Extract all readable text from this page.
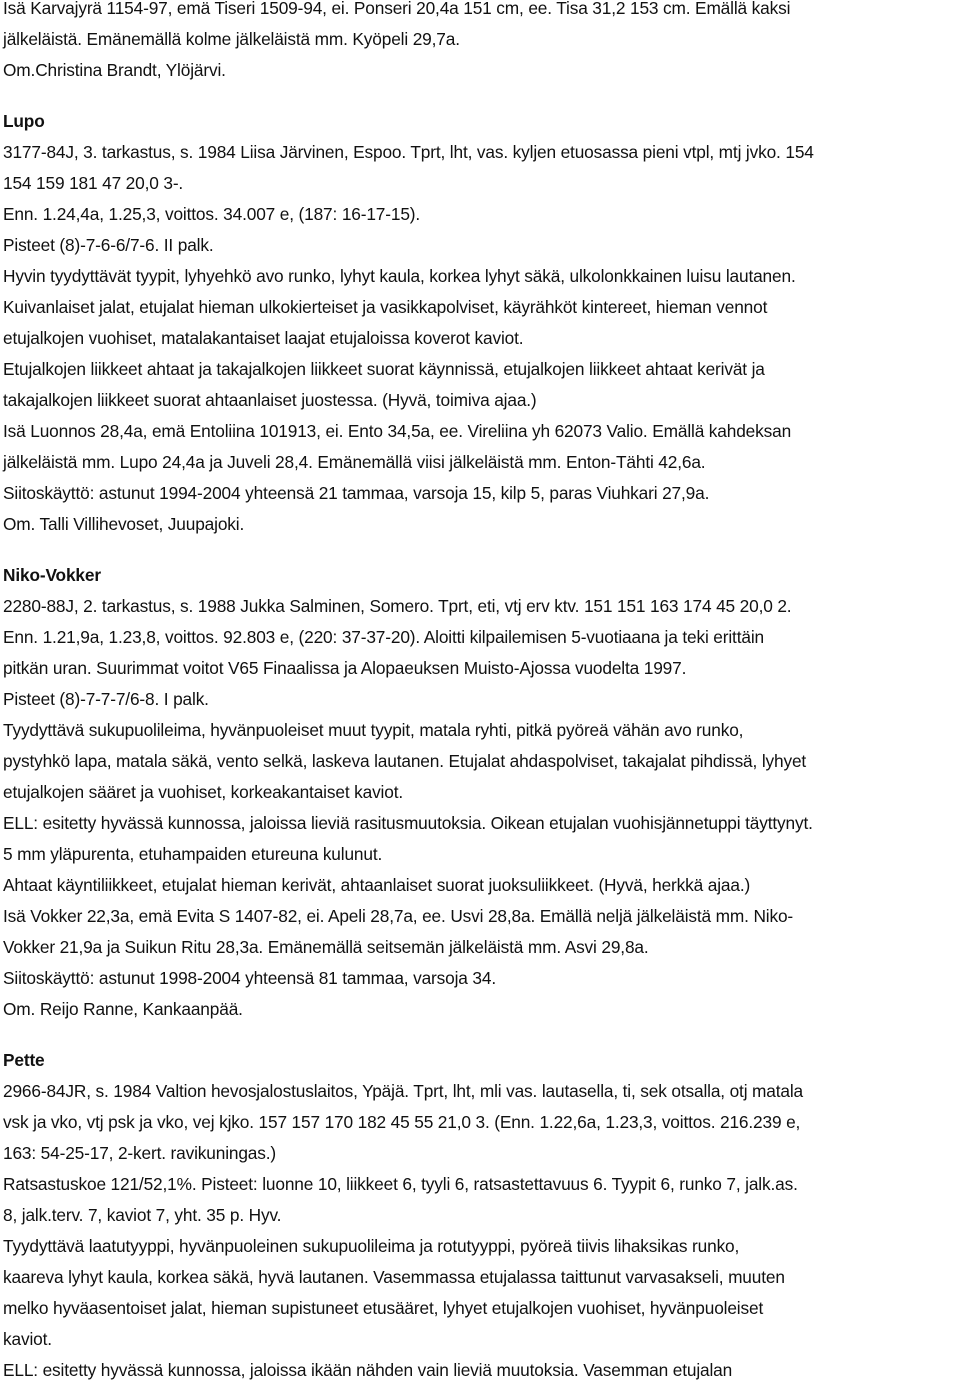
Isä Karvajyrä 1154-97, emä Tiseri 1509-94, ei. Ponseri 20,4a 151 cm, ee. Tisa 31,2 153 cm. Emällä kaksi
jälkeläistä. Emänemällä kolme jälkeläistä mm. Kyöpeli 29,7a.
Om.Christina Brandt, Ylöjärvi.
Lupo
3177-84J, 3. tarkastus, s. 1984 Liisa Järvinen, Espoo. Tprt, lht, vas. kyljen etuosassa pieni vtpl, mtj jvko. 154
154 159 181 47 20,0 3-.
Enn. 1.24,4a, 1.25,3, voittos. 34.007 e, (187: 16-17-15).
Pisteet (8)-7-6-6/7-6. II palk.
Hyvin tyydyttävät tyypit, lyhyehkö avo runko, lyhyt kaula, korkea lyhyt säkä, ulkolonkkainen luisu lautanen.
Kuivanlaiset jalat, etujalat hieman ulkokierteiset ja vasikkapolviset, käyrähköt kintereet, hieman vennot
etujalkojen vuohiset, matalakantaiset laajat etujaloissa koverot kaviot.
Etujalkojen liikkeet ahtaat ja takajalkojen liikkeet suorat käynnissä, etujalkojen liikkeet ahtaat kerivät ja
takajalkojen liikkeet suorat ahtaanlaiset juostessa. (Hyvä, toimiva ajaa.)
Isä Luonnos 28,4a, emä Entoliina 101913, ei. Ento 34,5a, ee. Vireliina yh 62073 Valio. Emällä kahdeksan
jälkeläistä mm. Lupo 24,4a ja Juveli 28,4. Emänemällä viisi jälkeläistä mm. Enton-Tähti 42,6a.
Siitoskäyttö: astunut 1994-2004 yhteensä 21 tammaa, varsoja 15, kilp 5, paras Viuhkari 27,9a.
Om. Talli Villihevoset, Juupajoki.
Niko-Vokker
2280-88J, 2. tarkastus, s. 1988 Jukka Salminen, Somero. Tprt, eti, vtj erv ktv. 151 151 163 174 45 20,0 2.
Enn. 1.21,9a, 1.23,8, voittos. 92.803 e, (220: 37-37-20). Aloitti kilpailemisen 5-vuotiaana ja teki erittäin
pitkän uran. Suurimmat voitot V65 Finaalissa ja Alopaeuksen Muisto-Ajossa vuodelta 1997.
Pisteet (8)-7-7-7/6-8. I palk.
Tyydyttävä sukupuolileima, hyvänpuoleiset muut tyypit, matala ryhti, pitkä pyöreä vähän avo runko,
pystyhkö lapa, matala säkä, vento selkä, laskeva lautanen. Etujalat ahdaspolviset, takajalat pihdissä, lyhyet
etujalkojen sääret ja vuohiset, korkeakantaiset kaviot.
ELL: esitetty hyvässä kunnossa, jaloissa lieviä rasitusmuutoksia. Oikean etujalan vuohisjännetuppi täyttynyt.
5 mm yläpurenta, etuhampaiden etureuna kulunut.
Ahtaat käyntiliikkeet, etujalat hieman kerivät, ahtaanlaiset suorat juoksuliikkeet. (Hyvä, herkkä ajaa.)
Isä Vokker 22,3a, emä Evita S 1407-82, ei. Apeli 28,7a, ee. Usvi 28,8a. Emällä neljä jälkeläistä mm. Niko-
Vokker 21,9a ja Suikun Ritu 28,3a. Emänemällä seitsemän jälkeläistä mm. Asvi 29,8a.
Siitoskäyttö: astunut 1998-2004 yhteensä 81 tammaa, varsoja 34.
Om. Reijo Ranne, Kankaanpää.
Pette
2966-84JR, s. 1984 Valtion hevosjalostuslaitos, Ypäjä. Tprt, lht, mli vas. lautasella, ti, sek otsalla, otj matala
vsk ja vko, vtj psk ja vko, vej kjko. 157 157 170 182 45 55 21,0 3. (Enn. 1.22,6a, 1.23,3, voittos. 216.239 e,
163: 54-25-17, 2-kert. ravikuningas.)
Ratsastuskoe 121/52,1%. Pisteet: luonne 10, liikkeet 6, tyyli 6, ratsastettavuus 6. Tyypit 6, runko 7, jalk.as.
8, jalk.terv. 7, kaviot 7, yht. 35 p. Hyv.
Tyydyttävä laatutyyppi, hyvänpuoleinen sukupuolileima ja rotutyyppi, pyöreä tiivis lihaksikas runko,
kaareva lyhyt kaula, korkea säkä, hyvä lautanen. Vasemmassa etujalassa taittunut varvasakseli, muuten
melko hyväasentoiset jalat, hieman supistuneet etusääret, lyhyet etujalkojen vuohiset, hyvänpuoleiset
kaviot.
ELL: esitetty hyvässä kunnossa, jaloissa ikään nähden vain lieviä muutoksia. Vasemman etujalan
